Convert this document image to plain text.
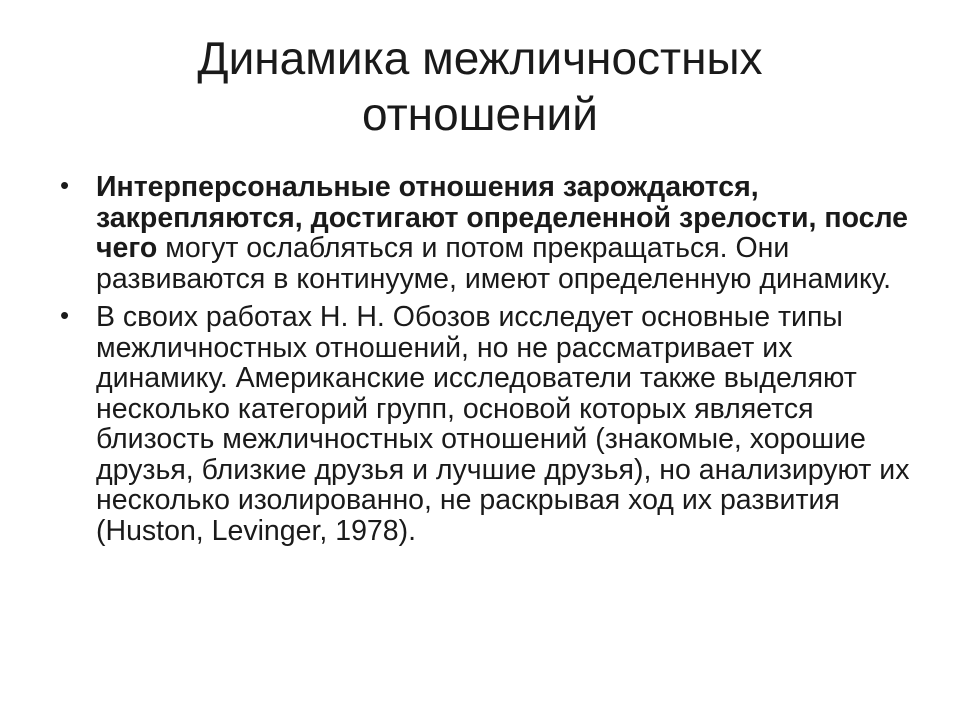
Динамика межличностных
отношений
• Интерперсональные отношения зарождаются, закрепляются, достигают определенной зрелости, после чего могут ослабляться и потом прекращаться. Они развиваются в континууме, имеют определенную динамику.
• В своих работах Н. Н. Обозов исследует основные типы межличностных отношений, но не рассматривает их динамику. Американские исследователи также выделяют несколько категорий групп, основой которых является близость межличностных отношений (знакомые, хорошие друзья, близкие друзья и лучшие друзья), но анализируют их несколько изолированно, не раскрывая ход их развития (Huston, Levinger, 1978).
